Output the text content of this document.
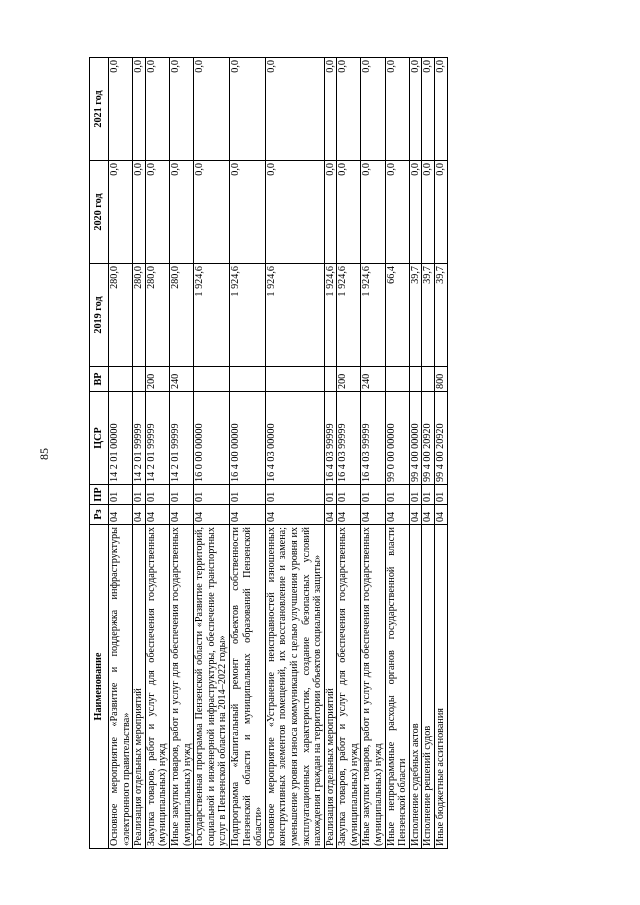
85
Наименование	Рз	ПР	ЦСР	ВР	2019 год	2020 год	2021 год
Основное мероприятие «Развитие и поддержка инфраструктуры «электронного правительства»	04	01	14 2 01 00000		280,0	0,0	0,0
Реализация отдельных мероприятий	04	01	14 2 01 99999		280,0	0,0	0,0
Закупка товаров, работ и услуг для обеспечения государственных (муниципальных) нужд	04	01	14 2 01 99999	200	280,0	0,0	0,0
Иные закупки товаров, работ и услуг для обеспечения государственных (муниципальных) нужд	04	01	14 2 01 99999	240	280,0	0,0	0,0
Государственная программа Пензенской области «Развитие территорий, социальной и инженерной инфраструктуры, обеспечение транспортных услуг в Пензенской области на 2014–2022 годы»	04	01	16 0 00 00000		1 924,6	0,0	0,0
Подпрограмма «Капитальный ремонт объектов собственности Пензенской области и муниципальных образований Пензенской области»	04	01	16 4 00 00000		1 924,6	0,0	0,0
Основное мероприятие «Устранение неисправностей изношенных конструктивных элементов помещений, их восстановление и замена; уменьшение уровня износа коммуникаций с целью улучшения уровня их эксплуатационных характеристик, создание безопасных условий нахождения граждан на территории объектов социальной защиты»	04	01	16 4 03 00000		1 924,6	0,0	0,0
Реализация отдельных мероприятий	04	01	16 4 03 99999		1 924,6	0,0	0,0
Закупка товаров, работ и услуг для обеспечения государственных (муниципальных) нужд	04	01	16 4 03 99999	200	1 924,6	0,0	0,0
Иные закупки товаров, работ и услуг для обеспечения государственных (муниципальных) нужд	04	01	16 4 03 99999	240	1 924,6	0,0	0,0
Иные непрограммные расходы органов государственной власти Пензенской области	04	01	99 0 00 00000		66,4	0,0	0,0
Исполнение судебных актов	04	01	99 4 00 00000		39,7	0,0	0,0
Исполнение решений судов	04	01	99 4 00 20920		39,7	0,0	0,0
Иные бюджетные ассигнования	04	01	99 4 00 20920	800	39,7	0,0	0,0
